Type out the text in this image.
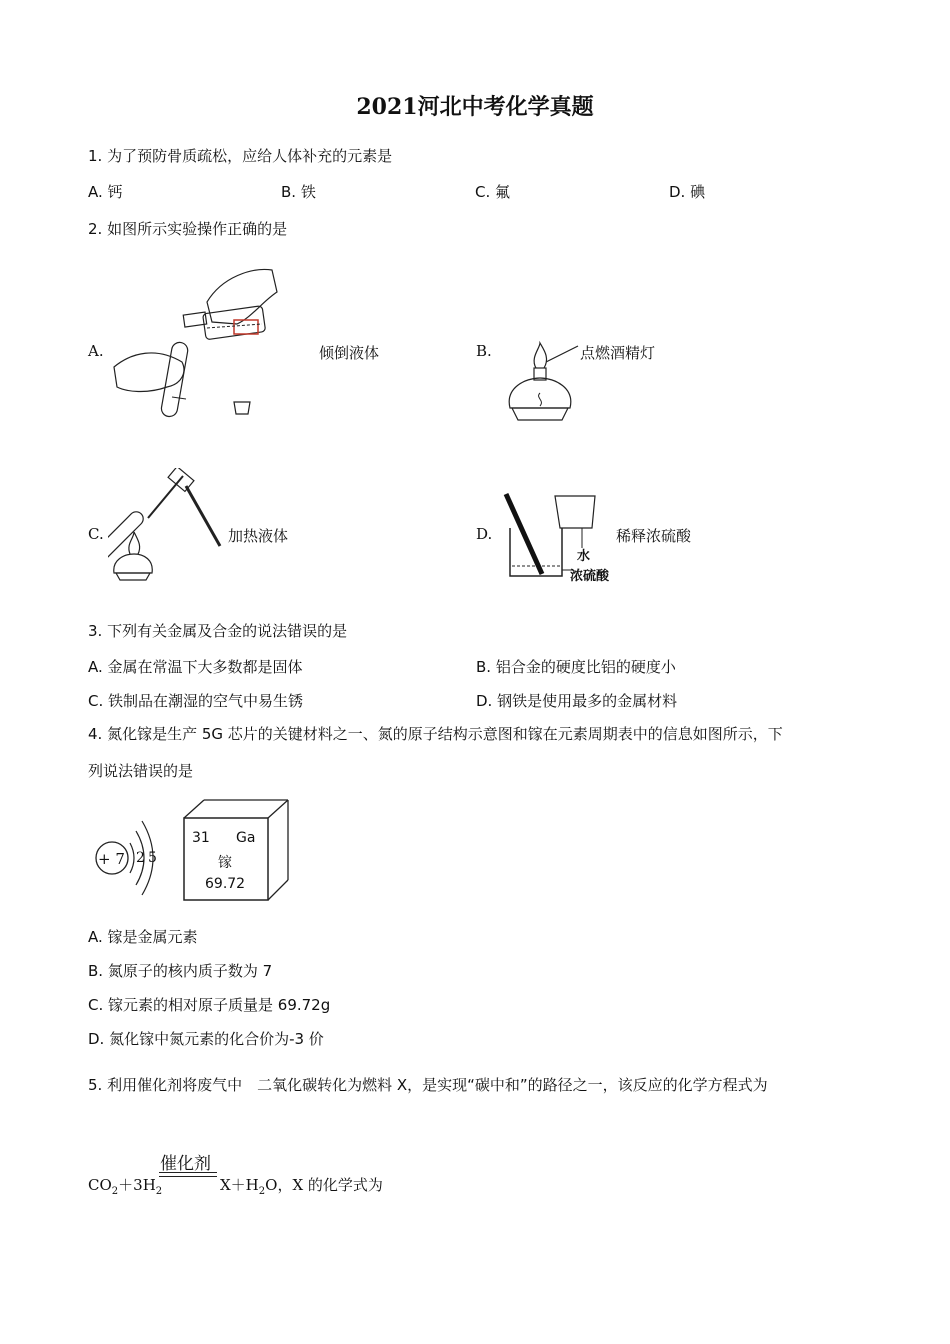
2021河北中考化学真题
1. 为了预防骨质疏松，应给人体补充的元素是
A. 钙	B. 铁	C. 氟	D. 碘
2. 如图所示实验操作正确的是
A.	倾倒液体	B.	点燃酒精灯
C.	加热液体	D.
水
浓硫酸
稀释浓硫酸
3. 下列有关金属及合金的说法错误的是
A. 金属在常温下大多数都是固体	B. 铝合金的硬度比铝的硬度小
C. 铁制品在潮湿的空气中易生锈	D. 钢铁是使用最多的金属材料
4. 氮化镓是生产 5G 芯片的关键材料之一、氮的原子结构示意图和镓在元素周期表中的信息如图所示，下
列说法错误的是
+ 7 2 5
31 Ga
镓
69.72
A. 镓是金属元素
B. 氮原子的核内质子数为 7
C. 镓元素的相对原子质量是 69.72g
D. 氮化镓中氮元素的化合价为-3 价
5. 利用催化剂将废气中　二氧化碳转化为燃料 X，是实现“碳中和”的路径之一，该反应的化学方程式为
催化剂
$CO_2+3H_2$	$X+H_2O$，X 的化学式为
